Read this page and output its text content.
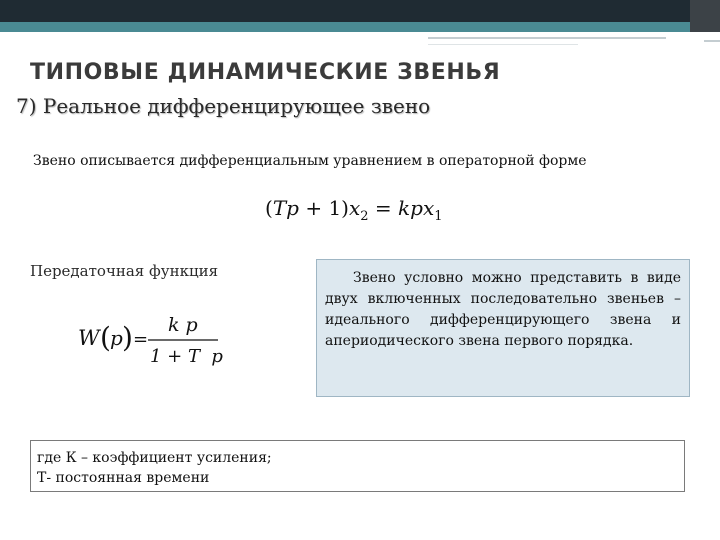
ТИПОВЫЕ ДИНАМИЧЕСКИЕ ЗВЕНЬЯ
7) Реальное дифференцирующее звено
Звено описывается дифференциальным уравнением в операторной форме
$(Tp + 1)x_2 = kpx_1$
Передаточная функция
W ( p ) =
k p
1 + T  p
Звено условно можно представить в виде двух включенных последовательно звеньев – идеального дифференцирующего звена и апериодического звена первого порядка.
где К – коэффициент усиления;
Т- постоянная времени
